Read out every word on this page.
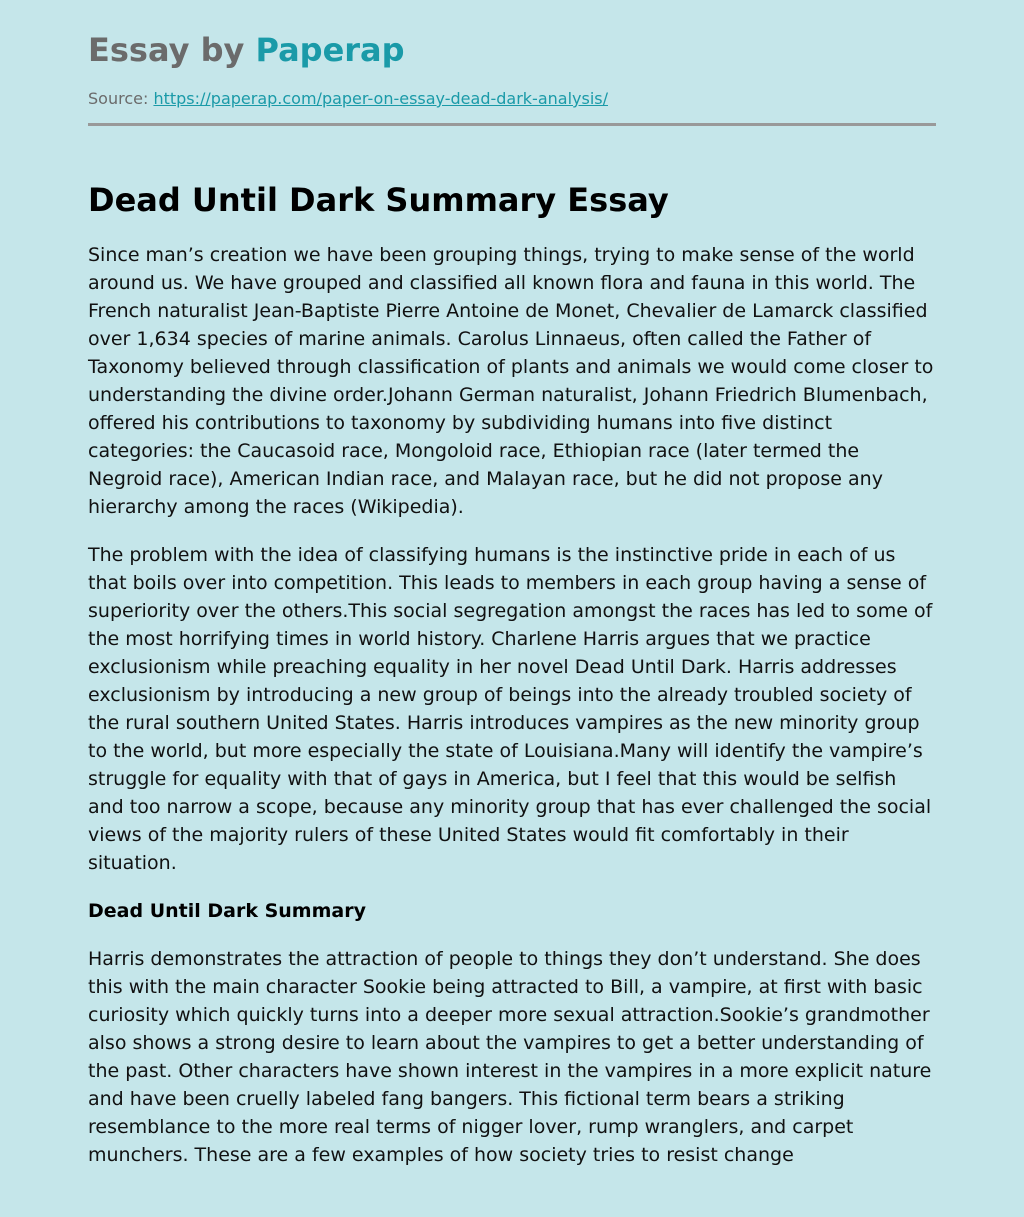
Essay by Paperap
Source: https://paperap.com/paper-on-essay-dead-dark-analysis/
Dead Until Dark Summary Essay

Since man’s creation we have been grouping things, trying to make sense of the world around us. We have grouped and classified all known flora and fauna in this world. The French naturalist Jean-Baptiste Pierre Antoine de Monet, Chevalier de Lamarck classified over 1,634 species of marine animals. Carolus Linnaeus, often called the Father of Taxonomy believed through classification of plants and animals we would come closer to understanding the divine order.Johann German naturalist, Johann Friedrich Blumenbach, offered his contributions to taxonomy by subdividing humans into five distinct categories: the Caucasoid race, Mongoloid race, Ethiopian race (later termed the Negroid race), American Indian race, and Malayan race, but he did not propose any hierarchy among the races (Wikipedia).

The problem with the idea of classifying humans is the instinctive pride in each of us that boils over into competition. This leads to members in each group having a sense of superiority over the others.This social segregation amongst the races has led to some of the most horrifying times in world history. Charlene Harris argues that we practice exclusionism while preaching equality in her novel Dead Until Dark. Harris addresses exclusionism by introducing a new group of beings into the already troubled society of the rural southern United States. Harris introduces vampires as the new minority group to the world, but more especially the state of Louisiana.Many will identify the vampire’s struggle for equality with that of gays in America, but I feel that this would be selfish and too narrow a scope, because any minority group that has ever challenged the social views of the majority rulers of these United States would fit comfortably in their situation.

Dead Until Dark Summary

Harris demonstrates the attraction of people to things they don’t understand. She does this with the main character Sookie being attracted to Bill, a vampire, at first with basic curiosity which quickly turns into a deeper more sexual attraction.Sookie’s grandmother also shows a strong desire to learn about the vampires to get a better understanding of the past. Other characters have shown interest in the vampires in a more explicit nature and have been cruelly labeled fang bangers. This fictional term bears a striking resemblance to the more real terms of nigger lover, rump wranglers, and carpet munchers. These are a few examples of how society tries to resist change
